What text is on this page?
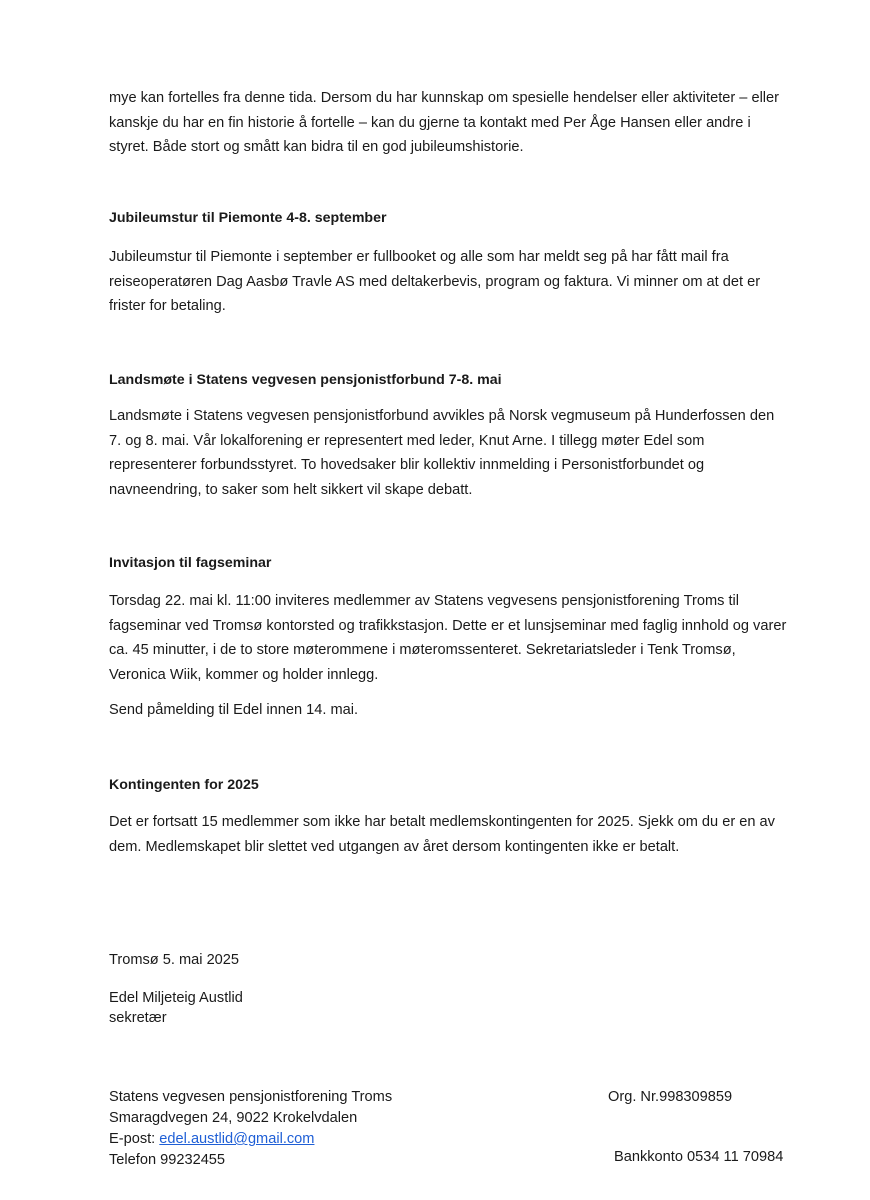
mye kan fortelles fra denne tida. Dersom du har kunnskap om spesielle hendelser eller aktiviteter – eller kanskje du har en fin historie å fortelle – kan du gjerne ta kontakt med Per Åge Hansen eller andre i styret. Både stort og smått kan bidra til en god jubileumshistorie.

Jubileumstur til Piemonte 4-8. september

Jubileumstur til Piemonte i september er fullbooket og alle som har meldt seg på har fått mail fra reiseoperatøren Dag Aasbø Travle AS med deltakerbevis, program og faktura. Vi minner om at det er frister for betaling.

Landsmøte i Statens vegvesen pensjonistforbund 7-8. mai

Landsmøte i Statens vegvesen pensjonistforbund avvikles på Norsk vegmuseum på Hunderfossen den 7. og 8. mai. Vår lokalforening er representert med leder, Knut Arne. I tillegg møter Edel som representerer forbundsstyret. To hovedsaker blir kollektiv innmelding i Personistforbundet og navneendring, to saker som helt sikkert vil skape debatt.

Invitasjon til fagseminar

Torsdag 22. mai kl. 11:00 inviteres medlemmer av Statens vegvesens pensjonistforening Troms til fagseminar ved Tromsø kontorsted og trafikkstasjon. Dette er et lunsjseminar med faglig innhold og varer ca. 45 minutter, i de to store møterommene i møteromssenteret. Sekretariatsleder i Tenk Tromsø, Veronica Wiik, kommer og holder innlegg.

Send påmelding til Edel innen 14. mai.

Kontingenten for 2025

Det er fortsatt 15 medlemmer som ikke har betalt medlemskontingenten for 2025. Sjekk om du er en av dem. Medlemskapet blir slettet ved utgangen av året dersom kontingenten ikke er betalt.

Tromsø 5. mai 2025
Edel Miljeteig Austlid
sekretær
Statens vegvesen pensjonistforening Troms
Smaragdvegen 24, 9022 Krokelvdalen
E-post: edel.austlid@gmail.com
Telefon 99232455
Org. Nr.998309859
Bankkonto 0534 11 70984
